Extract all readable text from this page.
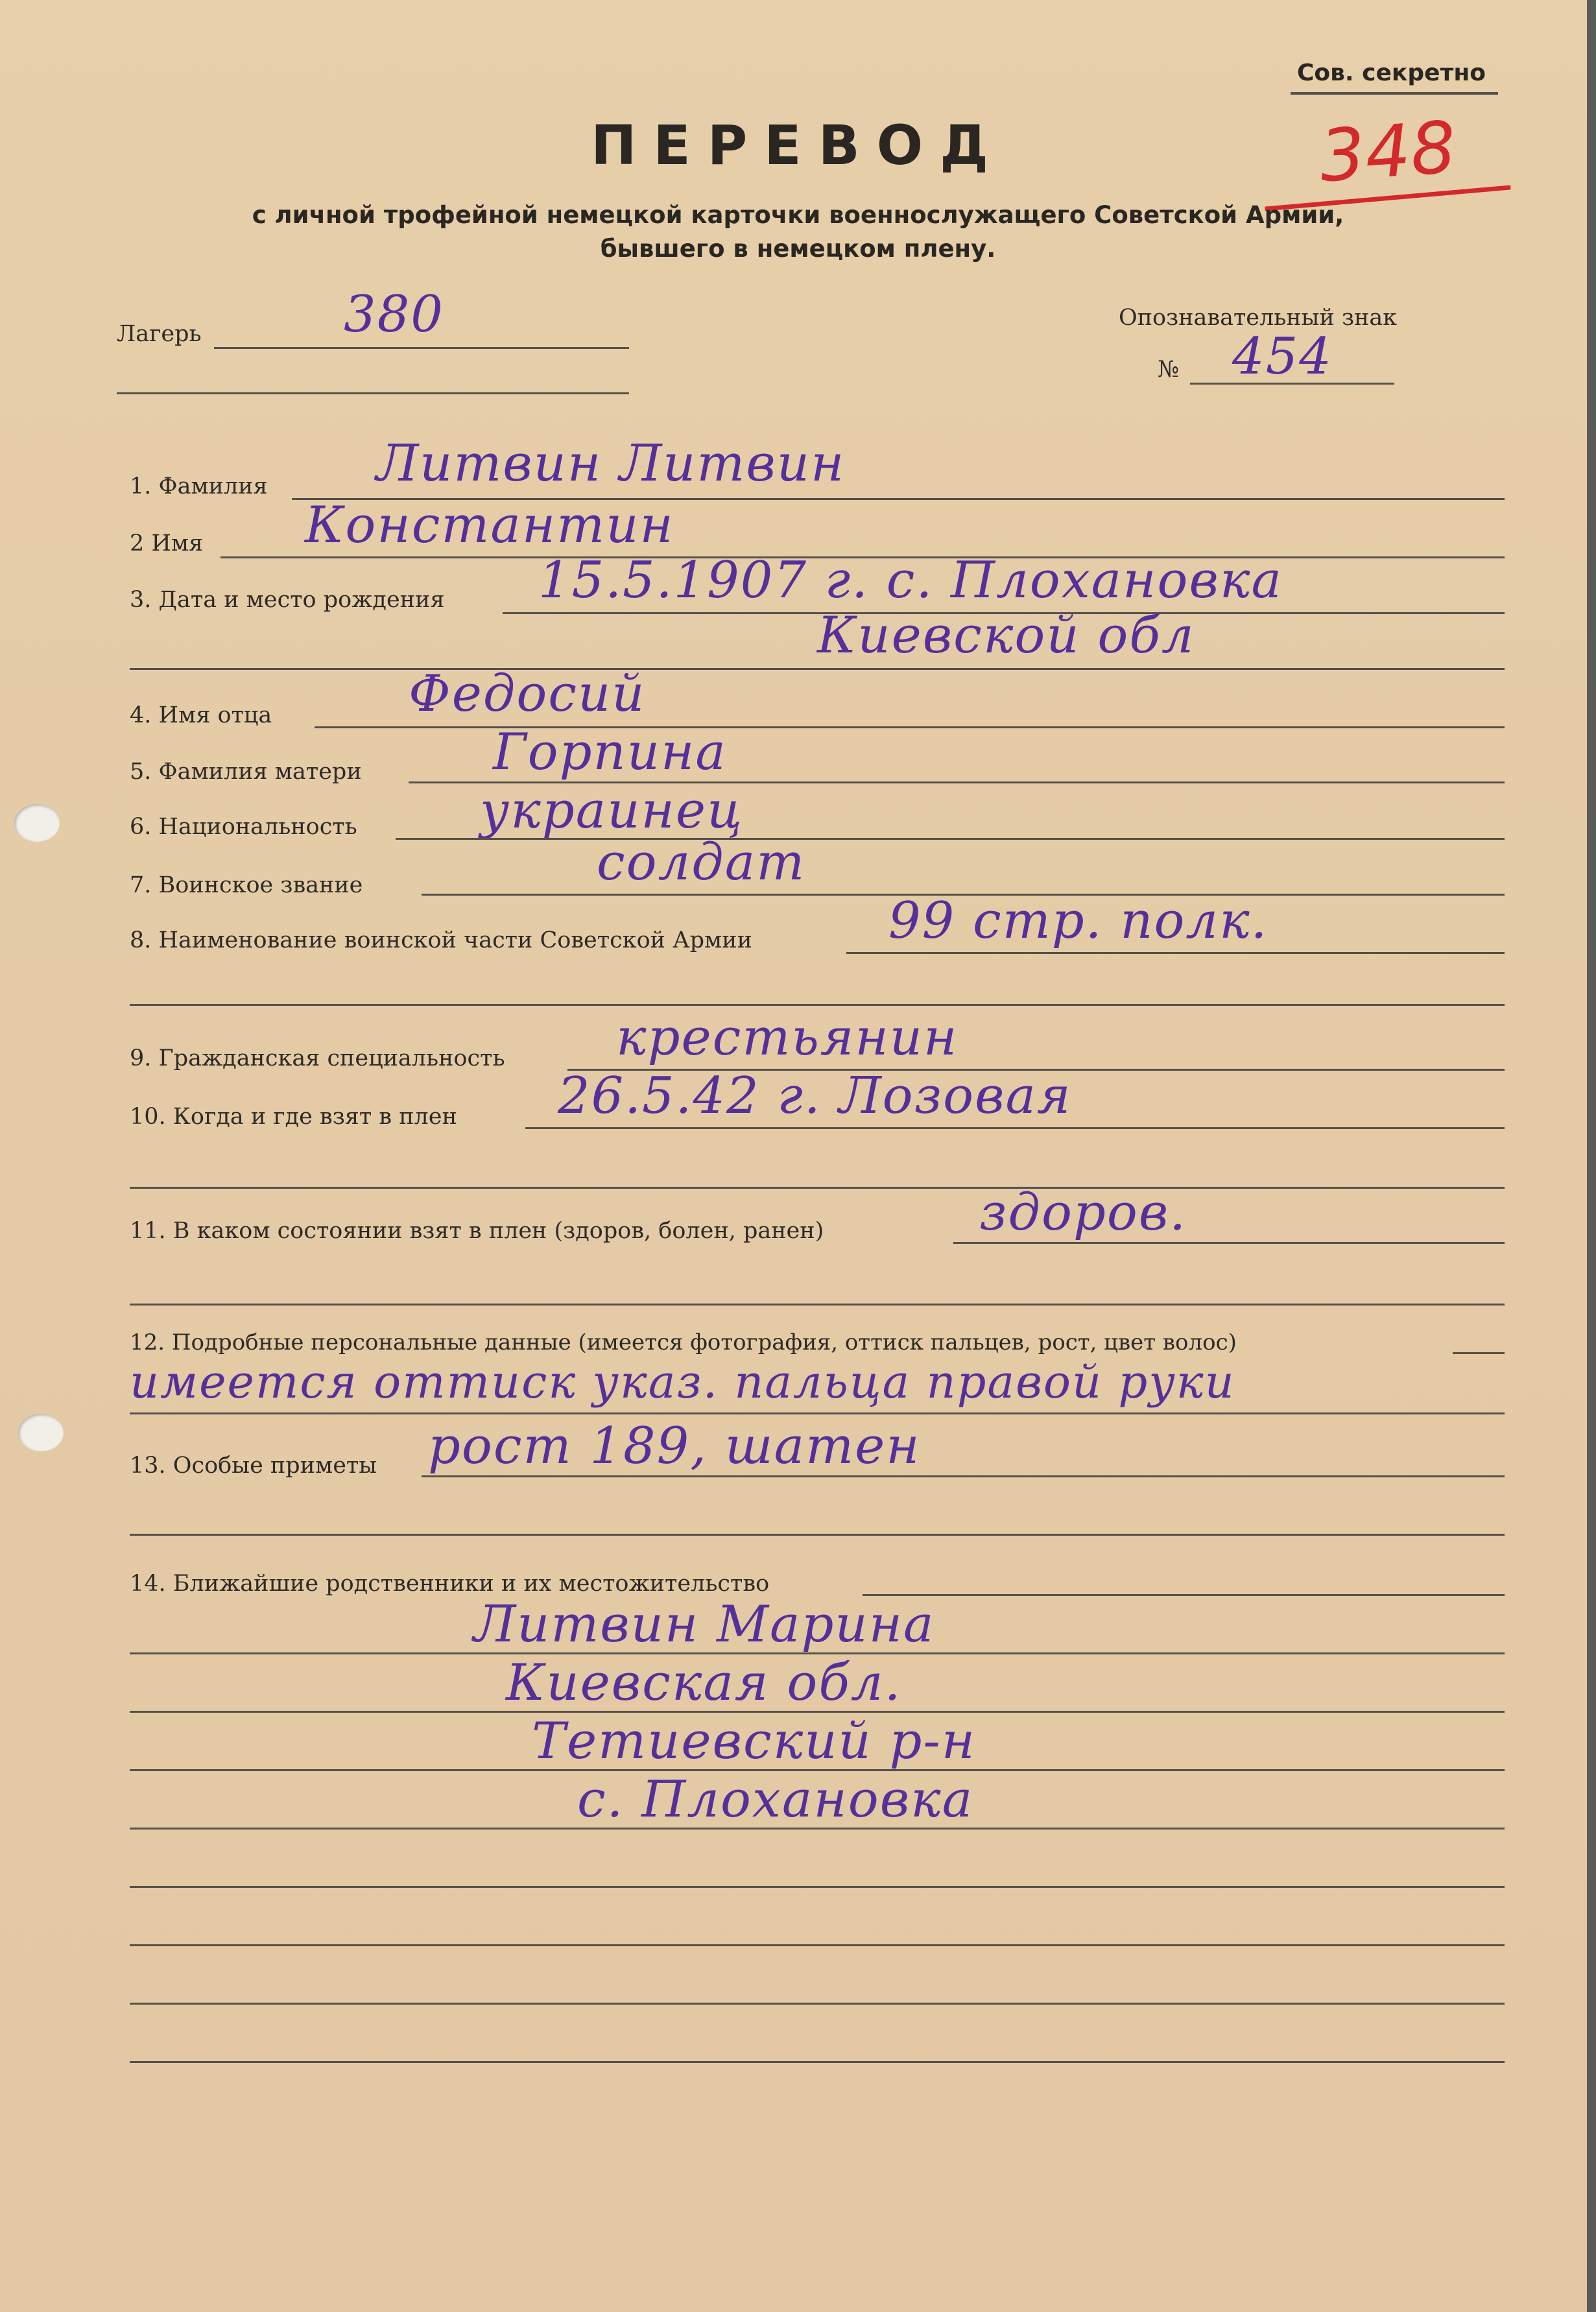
Сов. секретно
348
ПЕРЕВОД
с личной трофейной немецкой карточки военнослужащего Советской Армии,
бывшего в немецком плену.
Лагерь	380	Опознавательный знак
№ 454
1. Фамилия Литвин Литвин
2 Имя Константин
3. Дата и место рождения 15.5.1907 г. с. Плохановка
Киевской обл
4. Имя отца	Федосий
5. Фамилия матери	Горпина
6. Национальность украинец
7. Воинское звание	солдат
8. Наименование воинской части Советской Армии	99 стр. полк.
9. Гражданская специальность крестьянин
10. Когда и где взят в плен 26.5.42 г. Лозовая
11. В каком состоянии взят в плен (здоров, болен, ранен)	здоров.
12. Подробные персональные данные (имеется фотография, оттиск пальцев, рост, цвет волос)
имеется оттиск указ. пальца правой руки
13. Особые приметы рост 189, шатен
14. Ближайшие родственники и их местожительство
Литвин Марина
Киевская обл.
Тетиевский р-н
с. Плохановка
